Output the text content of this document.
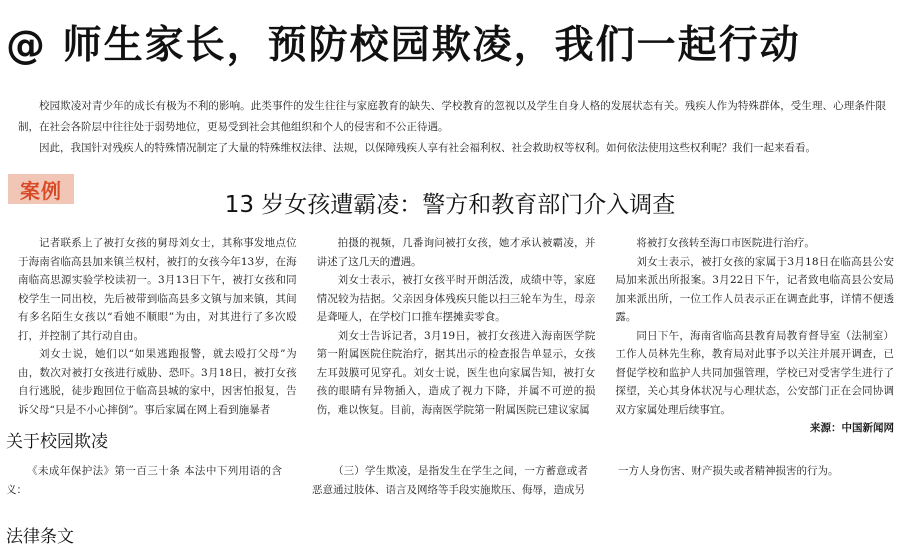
@ 师生家长，预防校园欺凌，我们一起行动

校园欺凌对青少年的成长有极为不利的影响。此类事件的发生往往与家庭教育的缺失、学校教育的忽视以及学生自身人格的发展状态有关。残疾人作为特殊群体，受生理、心理条件限制，在社会各阶层中往往处于弱势地位，更易受到社会其他组织和个人的侵害和不公正待遇。

因此，我国针对残疾人的特殊情况制定了大量的特殊维权法律、法规，以保障残疾人享有社会福利权、社会救助权等权利。如何依法使用这些权利呢？我们一起来看看。

案例
13 岁女孩遭霸凌：警方和教育部门介入调查

记者联系上了被打女孩的舅母刘女士，其称事发地点位于海南省临高县加来镇兰权村，被打的女孩今年13岁，在海南临高思源实验学校读初一。3月13日下午，被打女孩和同校学生一同出校，先后被带到临高县多文镇与加来镇，其间有多名陌生女孩以“看她不顺眼”为由，对其进行了多次殴打，并控制了其行动自由。

刘女士说，她们以“如果逃跑报警，就去殴打父母”为由，数次对被打女孩进行威胁、恐吓。3月18日，被打女孩自行逃脱，徒步跑回位于临高县城的家中，因害怕报复，告诉父母“只是不小心摔倒”。事后家属在网上看到施暴者

拍摄的视频，几番询问被打女孩，她才承认被霸凌，并讲述了这几天的遭遇。

刘女士表示，被打女孩平时开朗活泼，成绩中等，家庭情况较为拮据。父亲因身体残疾只能以扫三轮车为生，母亲是聋哑人，在学校门口推车摆摊卖零食。

刘女士告诉记者，3月19日，被打女孩进入海南医学院第一附属医院住院治疗，据其出示的检查报告单显示，女孩左耳鼓膜可见穿孔。刘女士说，医生也向家属告知，被打女孩的眼睛有异物插入，造成了视力下降，并属不可逆的损伤，难以恢复。目前，海南医学院第一附属医院已建议家属

将被打女孩转至海口市医院进行治疗。

刘女士表示，被打女孩的家属于3月18日在临高县公安局加来派出所报案。3月22日下午，记者致电临高县公安局加来派出所，一位工作人员表示正在调查此事，详情不便透露。

同日下午，海南省临高县教育局教育督导室（法制室）工作人员林先生称，教育局对此事予以关注并展开调查，已督促学校和监护人共同加强管理，学校已对受害学生进行了探望，关心其身体状况与心理状态，公安部门正在会同协调双方家属处理后续事宜。

来源：中国新闻网
关于校园欺凌

《未成年保护法》第一百三十条 本法中下列用语的含义：

（三）学生欺凌，是指发生在学生之间，一方蓄意或者恶意通过肢体、语言及网络等手段实施欺压、侮辱，造成另

一方人身伤害、财产损失或者精神损害的行为。

法律条文
